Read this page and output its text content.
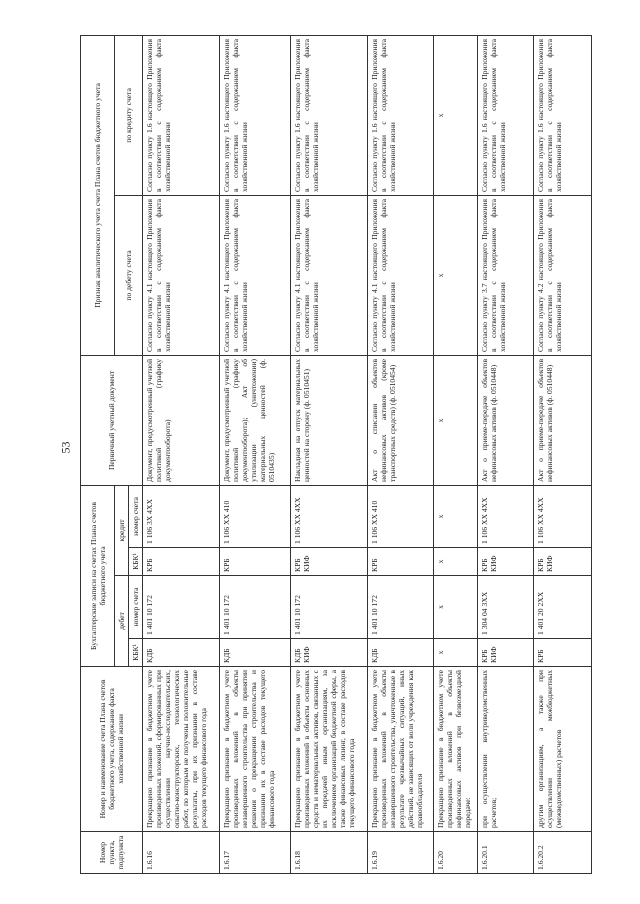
53
Номер пункта, подпункта	Номер и наименование счета Плана счетов бюджетного учета, содержание факта хозяйственной жизни	Бухгалтерские записи на счетах Плана счетов бюджетного учета				Первичный учетный документ	Признак аналитического учета счета Плана счетов бюджетного учета	
		дебет		кредит			по дебету счета	по кредиту счета
		КБК¹	номер счета	КБК¹	номер счета			
1.6.16	Прекращено признание в бюджетном учете произведенных вложений, сформированных при осуществлении научно-исследовательских, опытно-конструкторских, технологических работ, по которым не получены положительные результаты, при их признании в составе расходов текущего финансового года	КДБ	1 401 10 172	КРБ	1 106 3Х 4ХХ	Документ, предусмотренный учетной политикой (графику документооборота)	Согласно пункту 4.1 настоящего Приложения в соответствии с содержанием факта хозяйственной жизни	Согласно пункту 1.6 настоящего Приложения в соответствии с содержанием факта хозяйственной жизни
1.6.17	Прекращено признание в бюджетном учете произведенных вложений в объекты незавершенного строительства при принятии решения о прекращении строительства и признании их в составе расходов текущего финансового года	КДБ	1 401 10 172	КРБ	1 106 ХХ 410	Документ, предусмотренный учетной политикой (графику документооборота); Акт об утилизации (уничтожении) материальных ценностей (ф. 0510435)	Согласно пункту 4.1 настоящего Приложения в соответствии с содержанием факта хозяйственной жизни	Согласно пункту 1.6 настоящего Приложения в соответствии с содержанием факта хозяйственной жизни
1.6.18	Прекращено признание в бюджетном учете произведенных вложений в объекты основных средств и нематериальных активов, связанных с их передачей иным организациям, за исключением организаций бюджетной сферы, а также финансовых лизинг, в составе расходов текущего финансового года	КДБ КИФ	1 401 10 172	КРБ КИФ	1 106 ХХ 4ХХ	Накладная на отпуск материальных ценностей на сторону (ф. 0510451)	Согласно пункту 4.1 настоящего Приложения в соответствии с содержанием факта хозяйственной жизни	Согласно пункту 1.6 настоящего Приложения в соответствии с содержанием факта хозяйственной жизни
1.6.19	Прекращено признание в бюджетном учете произведенных вложений в объекты незавершенного строительства, уничтоженные в результате чрезвычайных ситуаций, иных действий, не зависящих от воли учреждения как правообладателя	КДБ	1 401 10 172	КРБ	1 106 ХХ 410	Акт о списании объектов нефинансовых активов (кроме транспортных средств) (ф. 0510454)	Согласно пункту 4.1 настоящего Приложения в соответствии с содержанием факта хозяйственной жизни	Согласно пункту 1.6 настоящего Приложения в соответствии с содержанием факта хозяйственной жизни
1.6.20	Прекращено признание в бюджетном учете произведенных вложений в объекты нефинансовых активов при безвозмездной передаче:	х	х	х	х	х	х	х
1.6.20.1	при осуществлении внутриведомственных расчетов;	КРБ КИФ	1 304 04 3ХХ	КРБ КИФ	1 106 ХХ 4ХХ	Акт о приеме-передаче объектов нефинансовых активов (ф. 0510448)	Согласно пункту 3.7 настоящего Приложения в соответствии с содержанием факта хозяйственной жизни	Согласно пункту 1.6 настоящего Приложения в соответствии с содержанием факта хозяйственной жизни
1.6.20.2	другим организациям, а также при осуществлении межбюджетных (межведомственных) расчетов	КРБ	1 401 20 2ХХ	КРБ КИФ	1 106 ХХ 4ХХ	Акт о приеме-передаче объектов нефинансовых активов (ф. 0510448)	Согласно пункту 4.2 настоящего Приложения в соответствии с содержанием факта хозяйственной жизни	Согласно пункту 1.6 настоящего Приложения в соответствии с содержанием факта хозяйственной жизни
